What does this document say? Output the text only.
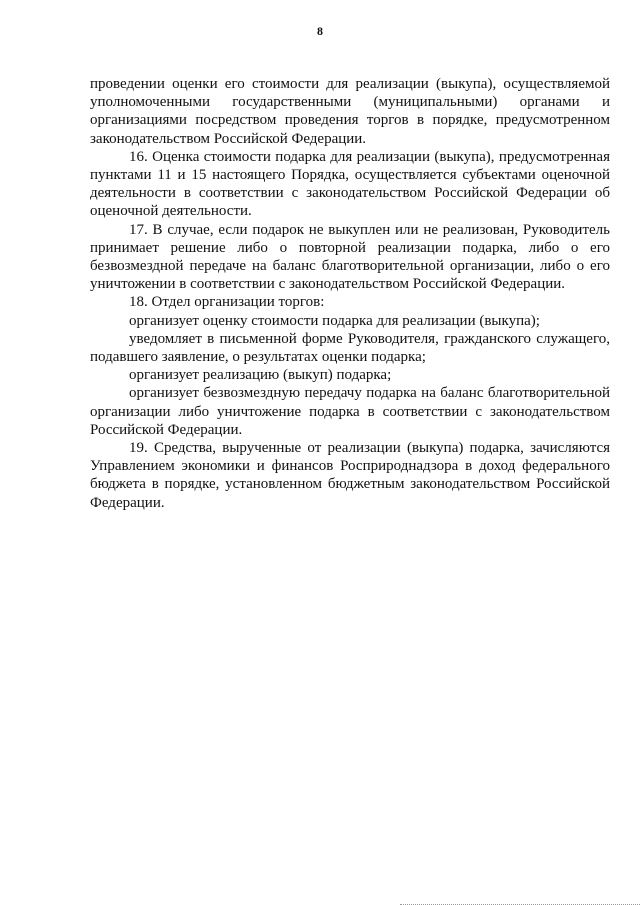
8

проведении оценки его стоимости для реализации (выкупа), осуществляемой уполномоченными государственными (муниципальными) органами и организациями посредством проведения торгов в порядке, предусмотренном законодательством Российской Федерации.

16. Оценка стоимости подарка для реализации (выкупа), предусмотренная пунктами 11 и 15 настоящего Порядка, осуществляется субъектами оценочной деятельности в соответствии с законодательством Российской Федерации об оценочной деятельности.

17. В случае, если подарок не выкуплен или не реализован, Руководитель принимает решение либо о повторной реализации подарка, либо о его безвозмездной передаче на баланс благотворительной организации, либо о его уничтожении в соответствии с законодательством Российской Федерации.

18. Отдел организации торгов:

организует оценку стоимости подарка для реализации (выкупа);

уведомляет в письменной форме Руководителя, гражданского служащего, подавшего заявление, о результатах оценки подарка;

организует реализацию (выкуп) подарка;

организует безвозмездную передачу подарка на баланс благотворительной организации либо уничтожение подарка в соответствии с законодательством Российской Федерации.

19. Средства, вырученные от реализации (выкупа) подарка, зачисляются Управлением экономики и финансов Росприроднадзора в доход федерального бюджета в порядке, установленном бюджетным законодательством Российской Федерации.
